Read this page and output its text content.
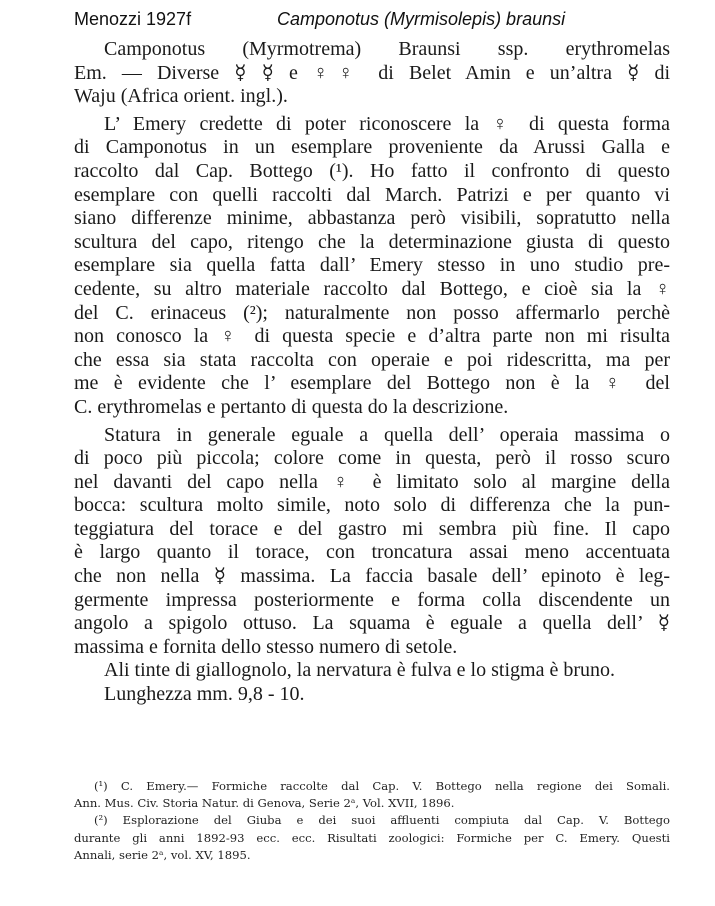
Menozzi 1927f	Camponotus (Myrmisolepis) braunsi
Camponotus (Myrmotrema) Braunsi ssp. erythromelas
Em. — Diverse ☿ ☿ e ♀♀ di Belet Amin e un’altra ☿ di
Waju (Africa orient. ingl.).
L’ Emery credette di poter riconoscere la ♀ di questa forma
di Camponotus in un esemplare proveniente da Arussi Galla e
raccolto dal Cap. Bottego (¹). Ho fatto il confronto di questo
esemplare con quelli raccolti dal March. Patrizi e per quanto vi
siano differenze minime, abbastanza però visibili, sopratutto nella
scultura del capo, ritengo che la determinazione giusta di questo
esemplare sia quella fatta dall’ Emery stesso in uno studio pre-
cedente, su altro materiale raccolto dal Bottego, e cioè sia la ♀
del C. erinaceus (²); naturalmente non posso affermarlo perchè
non conosco la ♀ di questa specie e d’altra parte non mi risulta
che essa sia stata raccolta con operaie e poi ridescritta, ma per
me è evidente che l’ esemplare del Bottego non è la ♀ del
C. erythromelas e pertanto di questa do la descrizione.
Statura in generale eguale a quella dell’ operaia massima o
di poco più piccola; colore come in questa, però il rosso scuro
nel davanti del capo nella ♀ è limitato solo al margine della
bocca: scultura molto simile, noto solo di differenza che la pun-
teggiatura del torace e del gastro mi sembra più fine. Il capo
è largo quanto il torace, con troncatura assai meno accentuata
che non nella ☿ massima. La faccia basale dell’ epinoto è leg-
germente impressa posteriormente e forma colla discendente un
angolo a spigolo ottuso. La squama è eguale a quella dell’ ☿
massima e fornita dello stesso numero di setole.
Ali tinte di giallognolo, la nervatura è fulva e lo stigma è bruno.
Lunghezza mm. 9,8 - 10.
(¹) C. Emery.— Formiche raccolte dal Cap. V. Bottego nella regione dei Somali.
Ann. Mus. Civ. Storia Natur. di Genova, Serie 2ᵃ, Vol. XVII, 1896.
(²) Esplorazione del Giuba e dei suoi affluenti compiuta dal Cap. V. Bottego
durante gli anni 1892-93 ecc. ecc. Risultati zoologici: Formiche per C. Emery. Questi
Annali, serie 2ᵃ, vol. XV, 1895.
